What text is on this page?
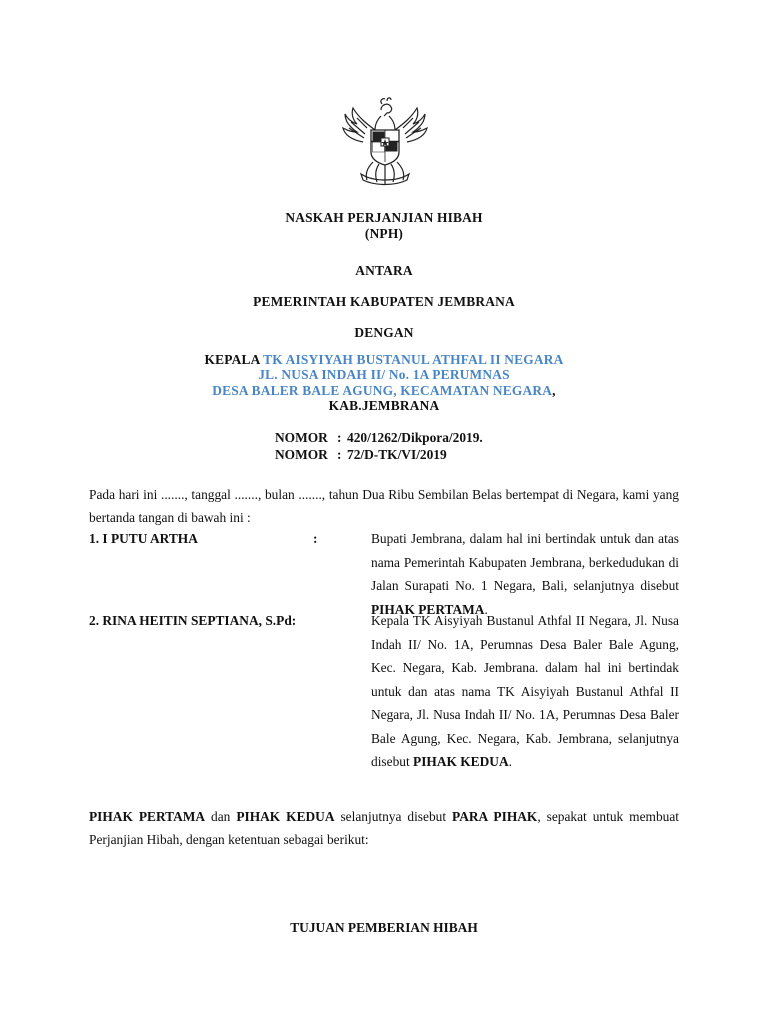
NASKAH PERJANJIAN HIBAH
(NPH)
ANTARA
PEMERINTAH KABUPATEN JEMBRANA
DENGAN
KEPALA TK AISYIYAH BUSTANUL ATHFAL II NEGARA
JL. NUSA INDAH II/ No. 1A PERUMNAS
DESA BALER BALE AGUNG, KECAMATAN NEGARA,
KAB.JEMBRANA
NOMOR : 420/1262/Dikpora/2019.
NOMOR : 72/D-TK/VI/2019
Pada hari ini ......., tanggal ......., bulan ......., tahun Dua Ribu Sembilan Belas bertempat di Negara, kami yang bertanda tangan di bawah ini :
1. I PUTU ARTHA	:	Bupati Jembrana, dalam hal ini bertindak untuk dan atas nama Pemerintah Kabupaten Jembrana, berkedudukan di Jalan Surapati No. 1 Negara, Bali, selanjutnya disebut PIHAK PERTAMA.
2. RINA HEITIN SEPTIANA, S.Pd:	Kepala TK Aisyiyah Bustanul Athfal II Negara, Jl. Nusa Indah II/ No. 1A, Perumnas Desa Baler Bale Agung, Kec. Negara, Kab. Jembrana. dalam hal ini bertindak untuk dan atas nama TK Aisyiyah Bustanul Athfal II Negara, Jl. Nusa Indah II/ No. 1A, Perumnas Desa Baler Bale Agung, Kec. Negara, Kab. Jembrana, selanjutnya disebut PIHAK KEDUA.
PIHAK PERTAMA dan PIHAK KEDUA selanjutnya disebut PARA PIHAK, sepakat untuk membuat Perjanjian Hibah, dengan ketentuan sebagai berikut:
TUJUAN PEMBERIAN HIBAH
